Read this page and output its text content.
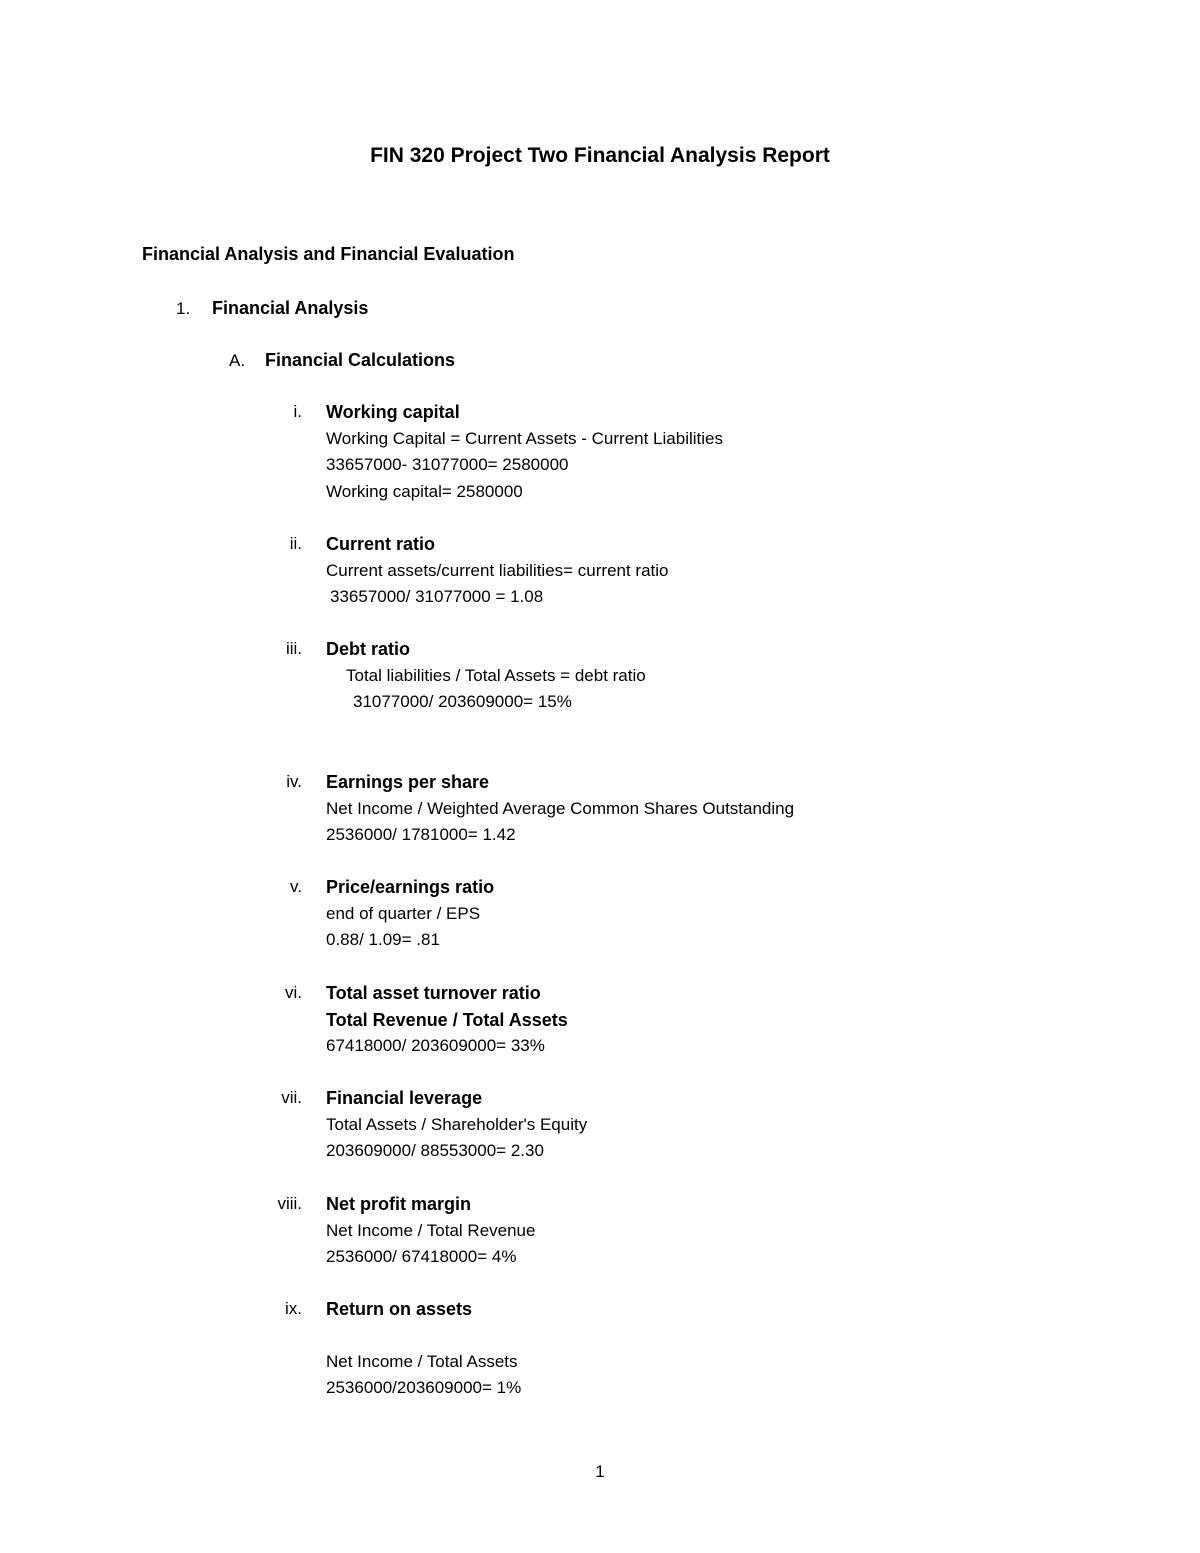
FIN 320 Project Two Financial Analysis Report
Financial Analysis and Financial Evaluation
1. Financial Analysis
A. Financial Calculations
i. Working capital
Working Capital = Current Assets - Current Liabilities
33657000- 31077000= 2580000
Working capital= 2580000
ii. Current ratio
Current assets/current liabilities= current ratio
33657000/ 31077000 = 1.08
iii. Debt ratio
Total liabilities / Total Assets = debt ratio
31077000/ 203609000= 15%
iv. Earnings per share
Net Income / Weighted Average Common Shares Outstanding
2536000/ 1781000= 1.42
v. Price/earnings ratio
end of quarter / EPS
0.88/ 1.09= .81
vi. Total asset turnover ratio
Total Revenue / Total Assets
67418000/ 203609000= 33%
vii. Financial leverage
Total Assets / Shareholder's Equity
203609000/ 88553000= 2.30
viii. Net profit margin
Net Income / Total Revenue
2536000/ 67418000= 4%
ix. Return on assets
Net Income / Total Assets
2536000/203609000= 1%
1
